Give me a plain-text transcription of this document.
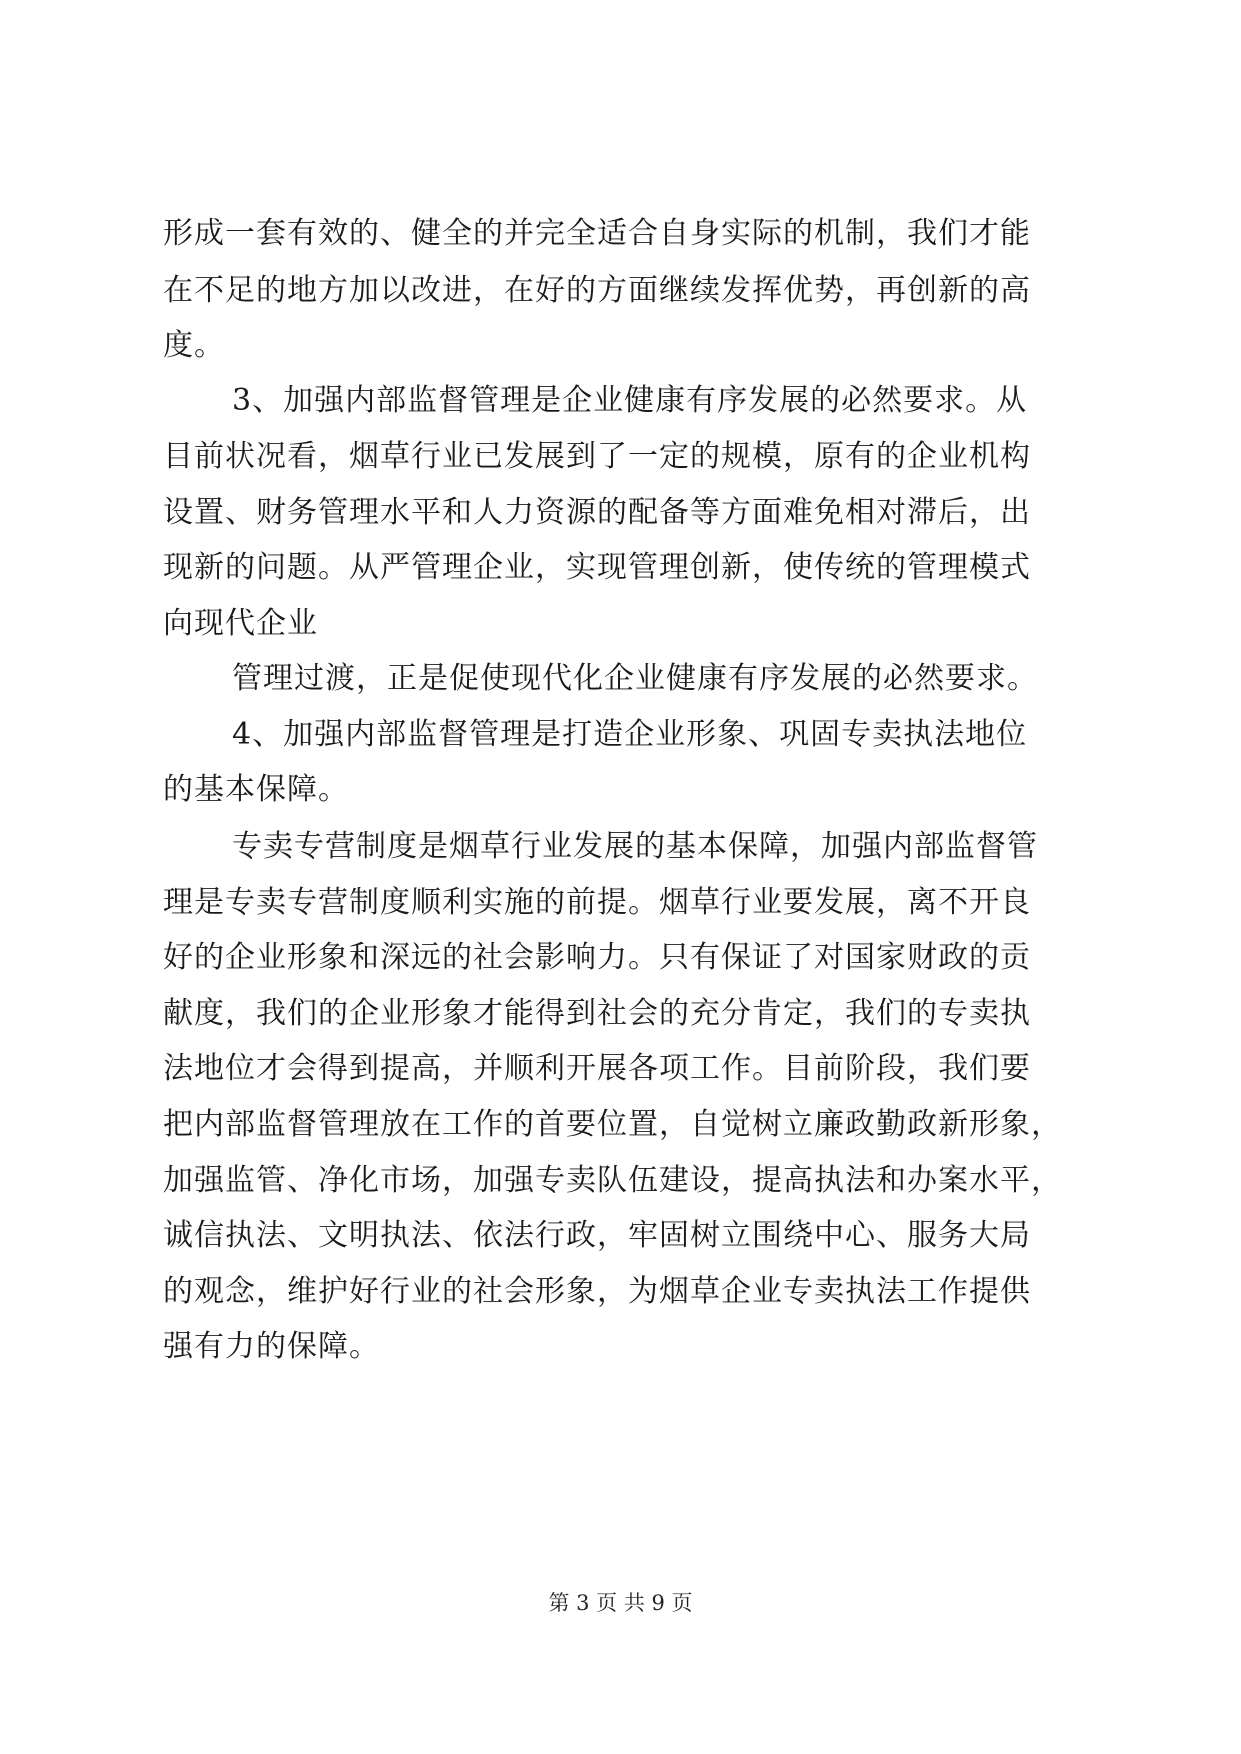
形成一套有效的、健全的并完全适合自身实际的机制，我们才能
在不足的地方加以改进，在好的方面继续发挥优势，再创新的高
度。
3、加强内部监督管理是企业健康有序发展的必然要求。从
目前状况看，烟草行业已发展到了一定的规模，原有的企业机构
设置、财务管理水平和人力资源的配备等方面难免相对滞后，出
现新的问题。从严管理企业，实现管理创新，使传统的管理模式
向现代企业
管理过渡，正是促使现代化企业健康有序发展的必然要求。
4、加强内部监督管理是打造企业形象、巩固专卖执法地位
的基本保障。
专卖专营制度是烟草行业发展的基本保障，加强内部监督管
理是专卖专营制度顺利实施的前提。烟草行业要发展，离不开良
好的企业形象和深远的社会影响力。只有保证了对国家财政的贡
献度，我们的企业形象才能得到社会的充分肯定，我们的专卖执
法地位才会得到提高，并顺利开展各项工作。目前阶段，我们要
把内部监督管理放在工作的首要位置，自觉树立廉政勤政新形象，
加强监管、净化市场，加强专卖队伍建设，提高执法和办案水平，
诚信执法、文明执法、依法行政，牢固树立围绕中心、服务大局
的观念，维护好行业的社会形象，为烟草企业专卖执法工作提供
强有力的保障。
第 3 页 共 9 页
